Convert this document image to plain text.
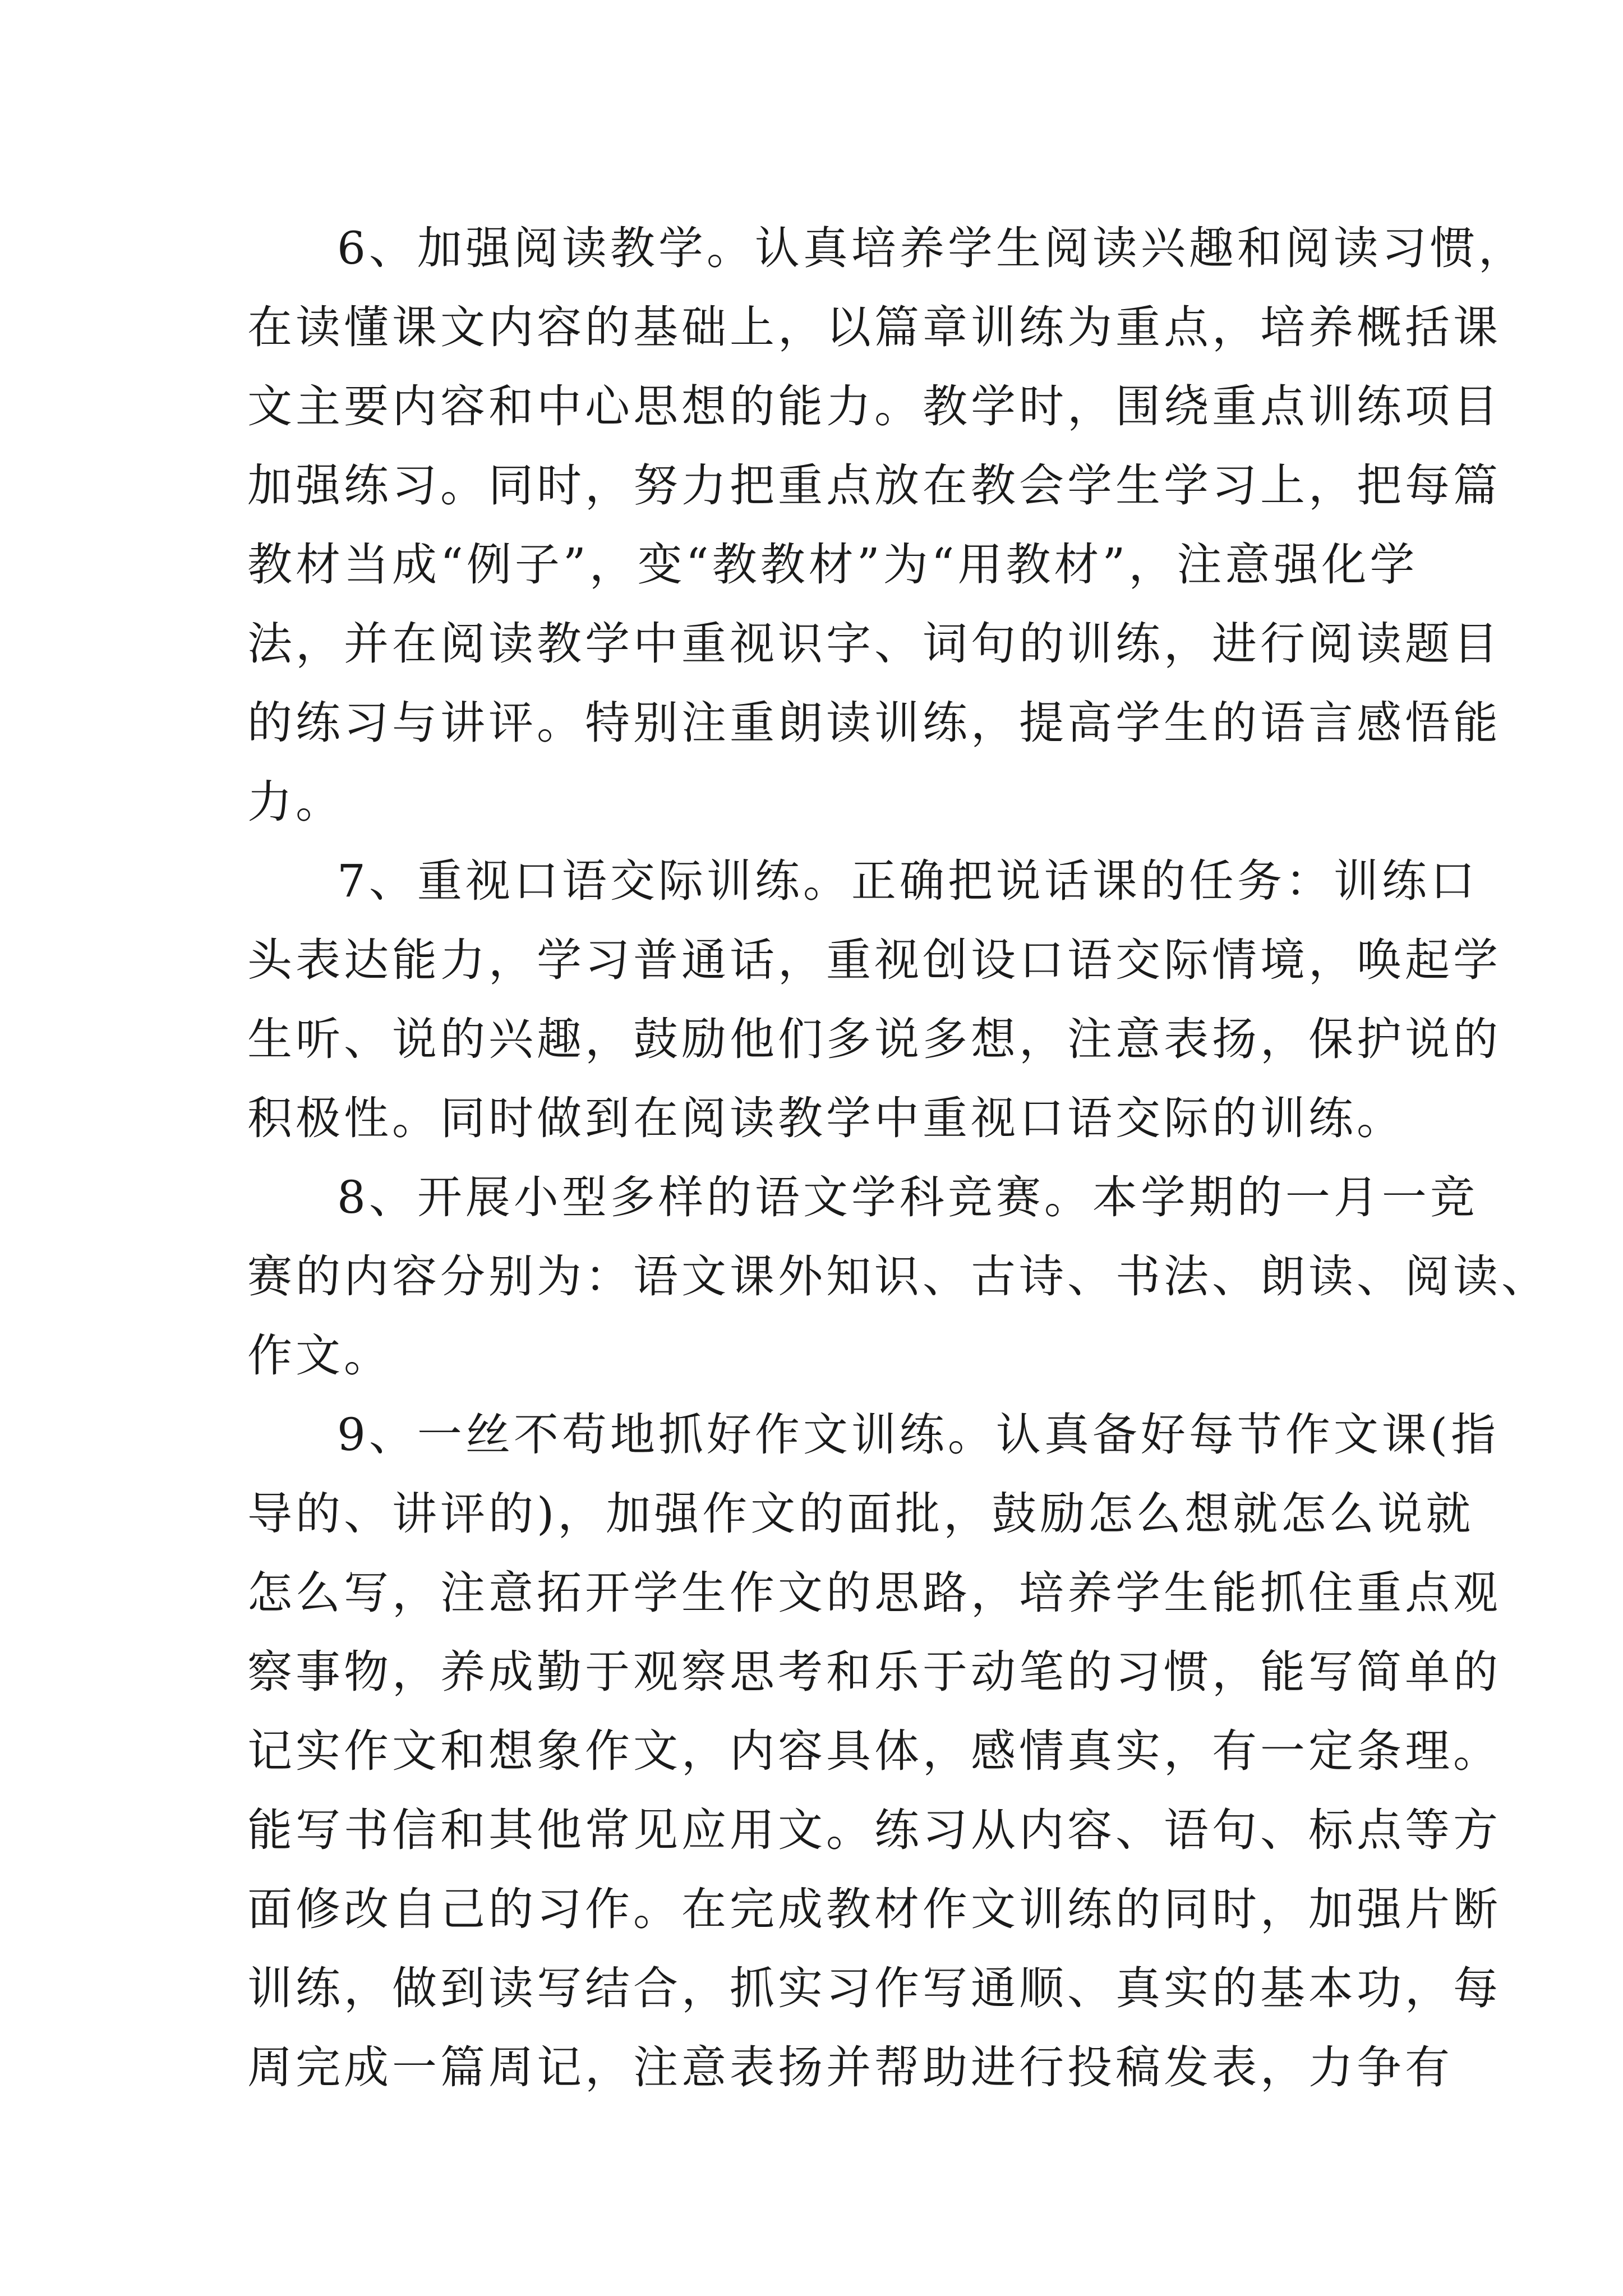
6、加强阅读教学。认真培养学生阅读兴趣和阅读习惯，
在读懂课文内容的基础上，以篇章训练为重点，培养概括课
文主要内容和中心思想的能力。教学时，围绕重点训练项目
加强练习。同时，努力把重点放在教会学生学习上，把每篇
教材当成“例子”，变“教教材”为“用教材”，注意强化学
法，并在阅读教学中重视识字、词句的训练，进行阅读题目
的练习与讲评。特别注重朗读训练，提高学生的语言感悟能
力。
7、重视口语交际训练。正确把说话课的任务：训练口
头表达能力，学习普通话，重视创设口语交际情境，唤起学
生听、说的兴趣，鼓励他们多说多想，注意表扬，保护说的
积极性。同时做到在阅读教学中重视口语交际的训练。
8、开展小型多样的语文学科竞赛。本学期的一月一竞
赛的内容分别为：语文课外知识、古诗、书法、朗读、阅读、
作文。
9、一丝不苟地抓好作文训练。认真备好每节作文课(指
导的、讲评的)，加强作文的面批，鼓励怎么想就怎么说就
怎么写，注意拓开学生作文的思路，培养学生能抓住重点观
察事物，养成勤于观察思考和乐于动笔的习惯，能写简单的
记实作文和想象作文，内容具体，感情真实，有一定条理。
能写书信和其他常见应用文。练习从内容、语句、标点等方
面修改自己的习作。在完成教材作文训练的同时，加强片断
训练，做到读写结合，抓实习作写通顺、真实的基本功，每
周完成一篇周记，注意表扬并帮助进行投稿发表，力争有
